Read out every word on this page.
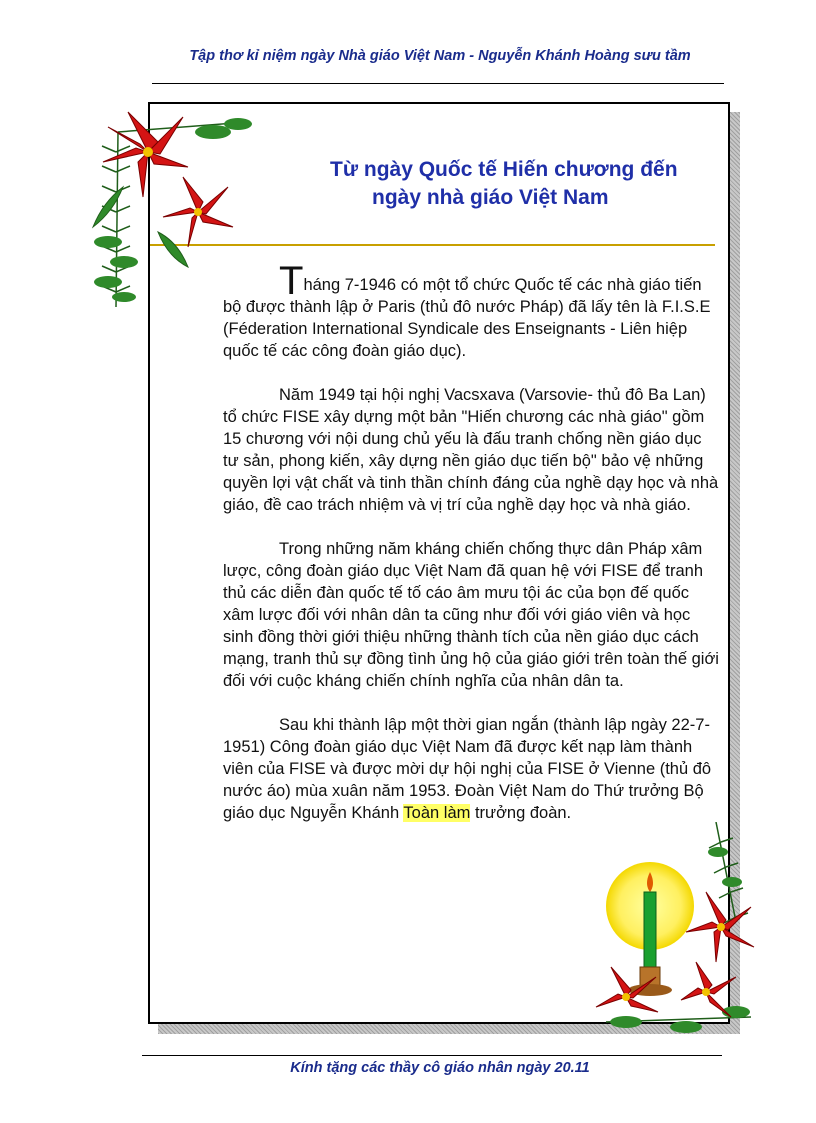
Tập thơ kỉ niệm ngày Nhà giáo Việt Nam - Nguyễn Khánh Hoàng sưu tầm
Từ ngày Quốc tế Hiến chương đến
ngày nhà giáo Việt Nam

Tháng 7-1946 có một tổ chức Quốc tế các nhà giáo tiến bộ được thành lập ở Paris (thủ đô nước Pháp) đã lấy tên là F.I.S.E (Féderation International Syndicale des Enseignants - Liên hiệp quốc tế các công đoàn giáo dục).

Năm 1949 tại hội nghị Vacsxava (Varsovie- thủ đô Ba Lan) tổ chức FISE xây dựng một bản "Hiến chương các nhà giáo" gồm 15 chương với nội dung chủ yếu là đấu tranh chống nền giáo dục tư sản, phong kiến, xây dựng nền giáo dục tiến bộ" bảo vệ những quyền lợi vật chất và tinh thần chính đáng của nghề dạy học và nhà giáo, đề cao trách nhiệm và vị trí của nghề dạy học và nhà giáo.

Trong những năm kháng chiến chống thực dân Pháp xâm lược, công đoàn giáo dục Việt Nam đã quan hệ với FISE để tranh thủ các diễn đàn quốc tế tố cáo âm mưu tội ác của bọn đế quốc xâm lược đối với nhân dân ta cũng như đối với giáo viên và học sinh đồng thời giới thiệu những thành tích của nền giáo dục cách mạng, tranh thủ sự đồng tình ủng hộ của giáo giới trên toàn thế giới đối với cuộc kháng chiến chính nghĩa của nhân dân ta.

Sau khi thành lập một thời gian ngắn (thành lập ngày 22-7-1951) Công đoàn giáo dục Việt Nam đã được kết nạp làm thành viên của FISE và được mời dự hội nghị của FISE ở Vienne (thủ đô nước áo) mùa xuân năm 1953. Đoàn Việt Nam do Thứ trưởng Bộ giáo dục Nguyễn Khánh Toàn làm trưởng đoàn.

Kính tặng các thầy cô giáo nhân ngày 20.11
